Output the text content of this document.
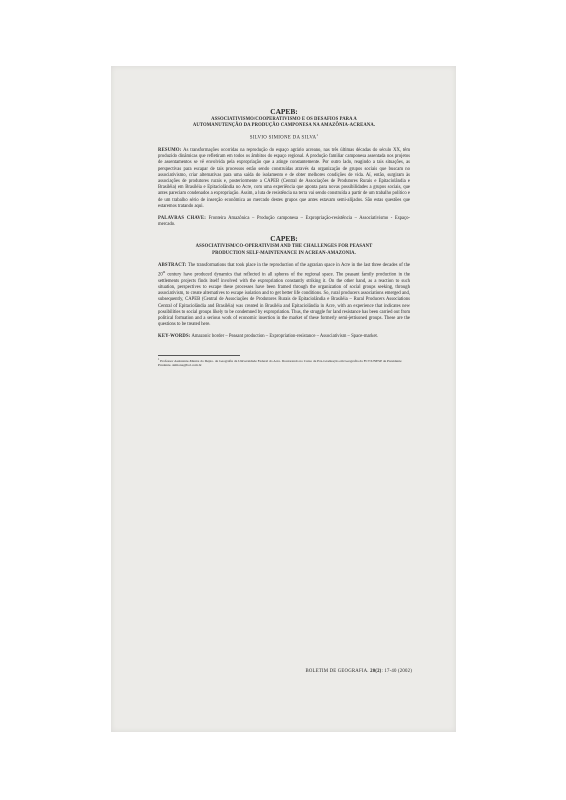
CAPEB:

ASSOCIATIVISMO/COOPERATIVISMO E OS DESAFIOS PARA A
AUTOMANUTENÇÃO DA PRODUÇÃO CAMPONESA NA AMAZÔNIA-ACREANA.

SILVIO SIMIONE DA SILVA$^1$

RESUMO: As transformações ocorridas na reprodução do espaço agrário acreano, nas três últimas décadas do século XX, têm produzido dinâmicas que refletiram em todos os âmbitos do espaço regional. A produção familiar camponesa assentada nos projetos de assentamentos se vê envolvida pela expropriação que a atinge constantemente. Por outro lado, reagindo a tais situações, as perspectivas para escapar de tais processos estão sendo construídas através da organização de grupos sociais que buscam no associativismo, criar alternativas para uma saída do isolamento e de obter melhores condições de vida. Aí, então, surgiram às associações de produtores rurais e, posteriormente a CAPEB (Central de Associações de Produtores Rurais e Epitaciolândia e Brasiléia) em Brasiléia e Epitaciolândia no Acre, com uma experiência que aponta para novas possibilidades a grupos sociais, que antes pareciam condenados a expropriação. Assim, a luta de resistência na terra vai sendo construída a partir de um trabalho político e de um trabalho sério de inserção econômica ao mercado destes grupos que antes estavam semi-alijados. São estas questões que estaremos tratando aqui.

PALAVRAS CHAVE: Fronteira Amazônica – Produção camponesa – Expropriação-resistência – Associativismo - Espaço-mercado.

CAPEB:

ASSOCIATIVISM/CO-OPERATIVISM AND THE CHALLENGES FOR PEASANT
PRODUCTION SELF-MAINTENANCE IN ACREAN-AMAZONIA.

ABSTRACT: The transformations that took place in the reproduction of the agrarian space in Acre in the last three decades of the 20th century have produced dynamics that reflected in all spheres of the regional space. The peasant family production in the settlements projects finds itself involved with the expropriation constantly striking it. On the other hand, as a reaction to such situation, perspectives to escape these processes have been framed through the organization of social groups seeking, through associativism, to create alternatives to escape isolation and to get better life conditions. So, rural producers associations emerged and, subsequently, CAPEB (Central de Associações de Produtores Rurais de Epitaciolândia e Brasiléia – Rural Producers Associations Central of Epitaciolândia and Brasiléia) was created in Brasiléia and Epitaciolândia in Acre, with an experience that indicates new possibilities to social groups likely to be condemned by expropriation. Thus, the struggle for land resistance has been carried out from political formation and a serious work of economic insertion in the market of these formerly semi-jettisoned groups. These are the questions to be treated here.

KEY-WORDS: Amazonic border – Peasant production – Expropriation-resistance – Associativism – Space-market.

$^1$ Professor Assistente-Mestre do Depto. de Geografia da Universidade Federal do Acre. Doutorando no Curso de Pós-Graduação em Geografia da FCT/UNESP de Presidente Prudente. simione@bol.com.br

BOLETIM DE GEOGRAFIA. 20(2): 17-40 (2002)
